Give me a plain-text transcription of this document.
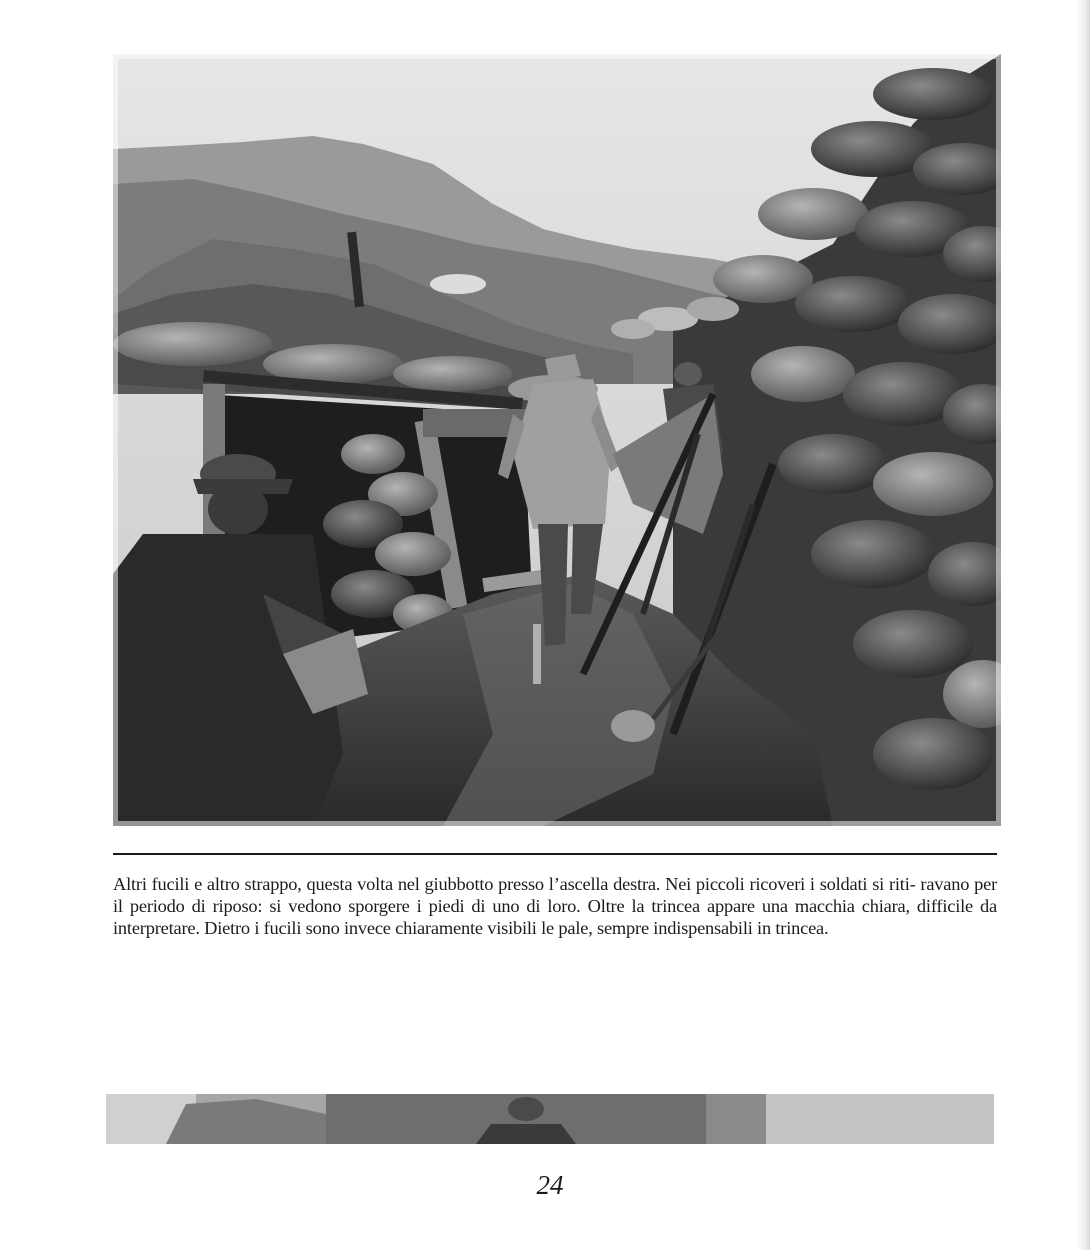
Altri fucili e altro strappo, questa volta nel giubbotto presso l’ascella destra. Nei piccoli ricoveri i soldati si riti- ravano per il periodo di riposo: si vedono sporgere i piedi di uno di loro. Oltre la trincea appare una macchia chiara, difficile da interpretare. Dietro i fucili sono invece chiaramente visibili le pale, sempre indispensabili in trincea.

24
